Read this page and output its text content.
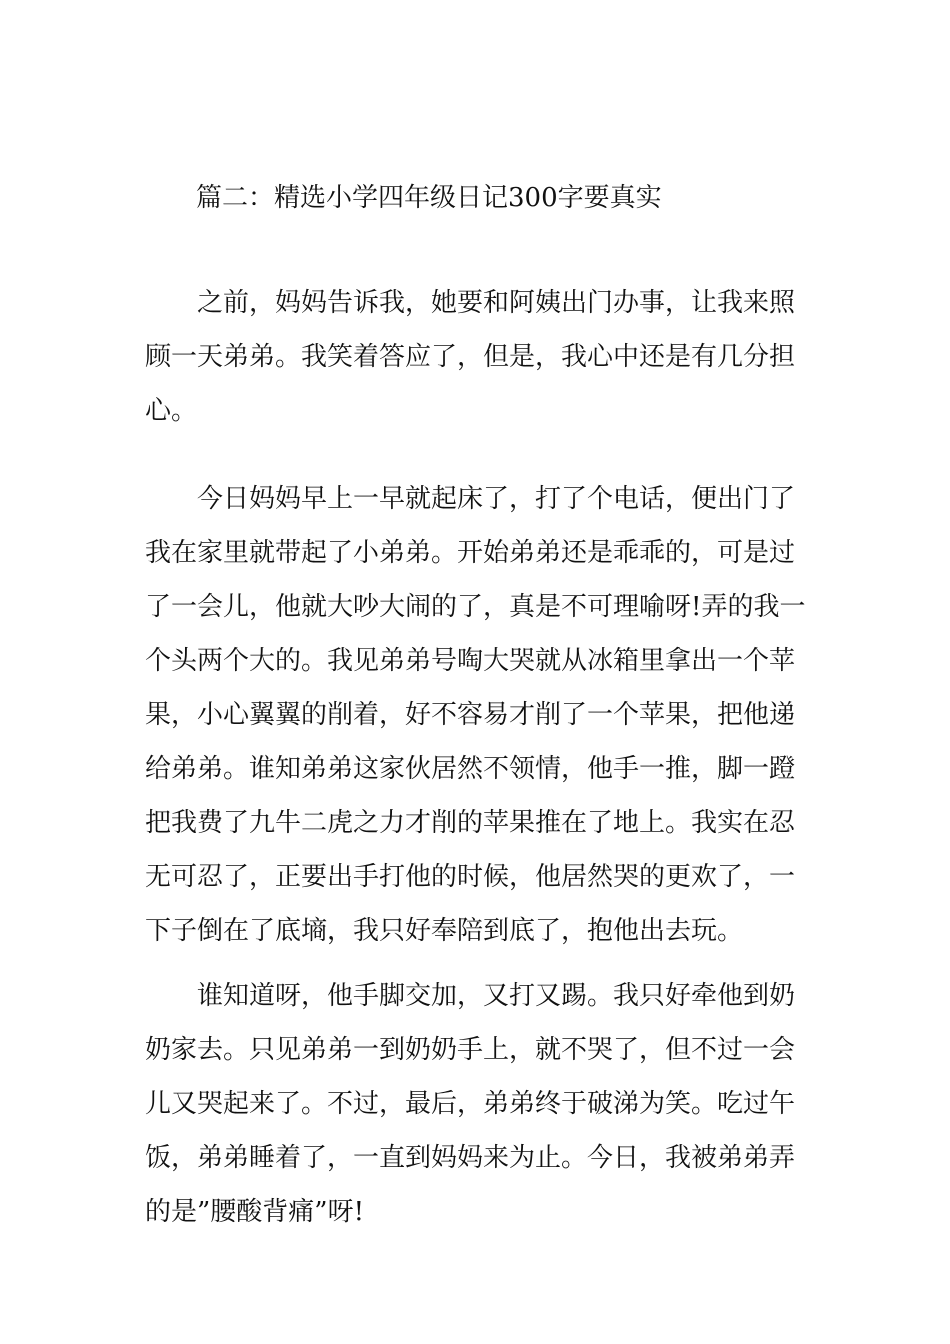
篇二：精选小学四年级日记300字要真实
之前，妈妈告诉我，她要和阿姨出门办事，让我来照
顾一天弟弟。我笑着答应了，但是，我心中还是有几分担
心。
今日妈妈早上一早就起床了，打了个电话，便出门了
我在家里就带起了小弟弟。开始弟弟还是乖乖的，可是过
了一会儿，他就大吵大闹的了，真是不可理喻呀!弄的我一
个头两个大的。我见弟弟号啕大哭就从冰箱里拿出一个苹
果，小心翼翼的削着，好不容易才削了一个苹果，把他递
给弟弟。谁知弟弟这家伙居然不领情，他手一推，脚一蹬
把我费了九牛二虎之力才削的苹果推在了地上。我实在忍
无可忍了，正要出手打他的时候，他居然哭的更欢了，一
下子倒在了底墒，我只好奉陪到底了，抱他出去玩。
谁知道呀，他手脚交加，又打又踢。我只好牵他到奶
奶家去。只见弟弟一到奶奶手上，就不哭了，但不过一会
儿又哭起来了。不过，最后，弟弟终于破涕为笑。吃过午
饭，弟弟睡着了，一直到妈妈来为止。今日，我被弟弟弄
的是”腰酸背痛”呀!
